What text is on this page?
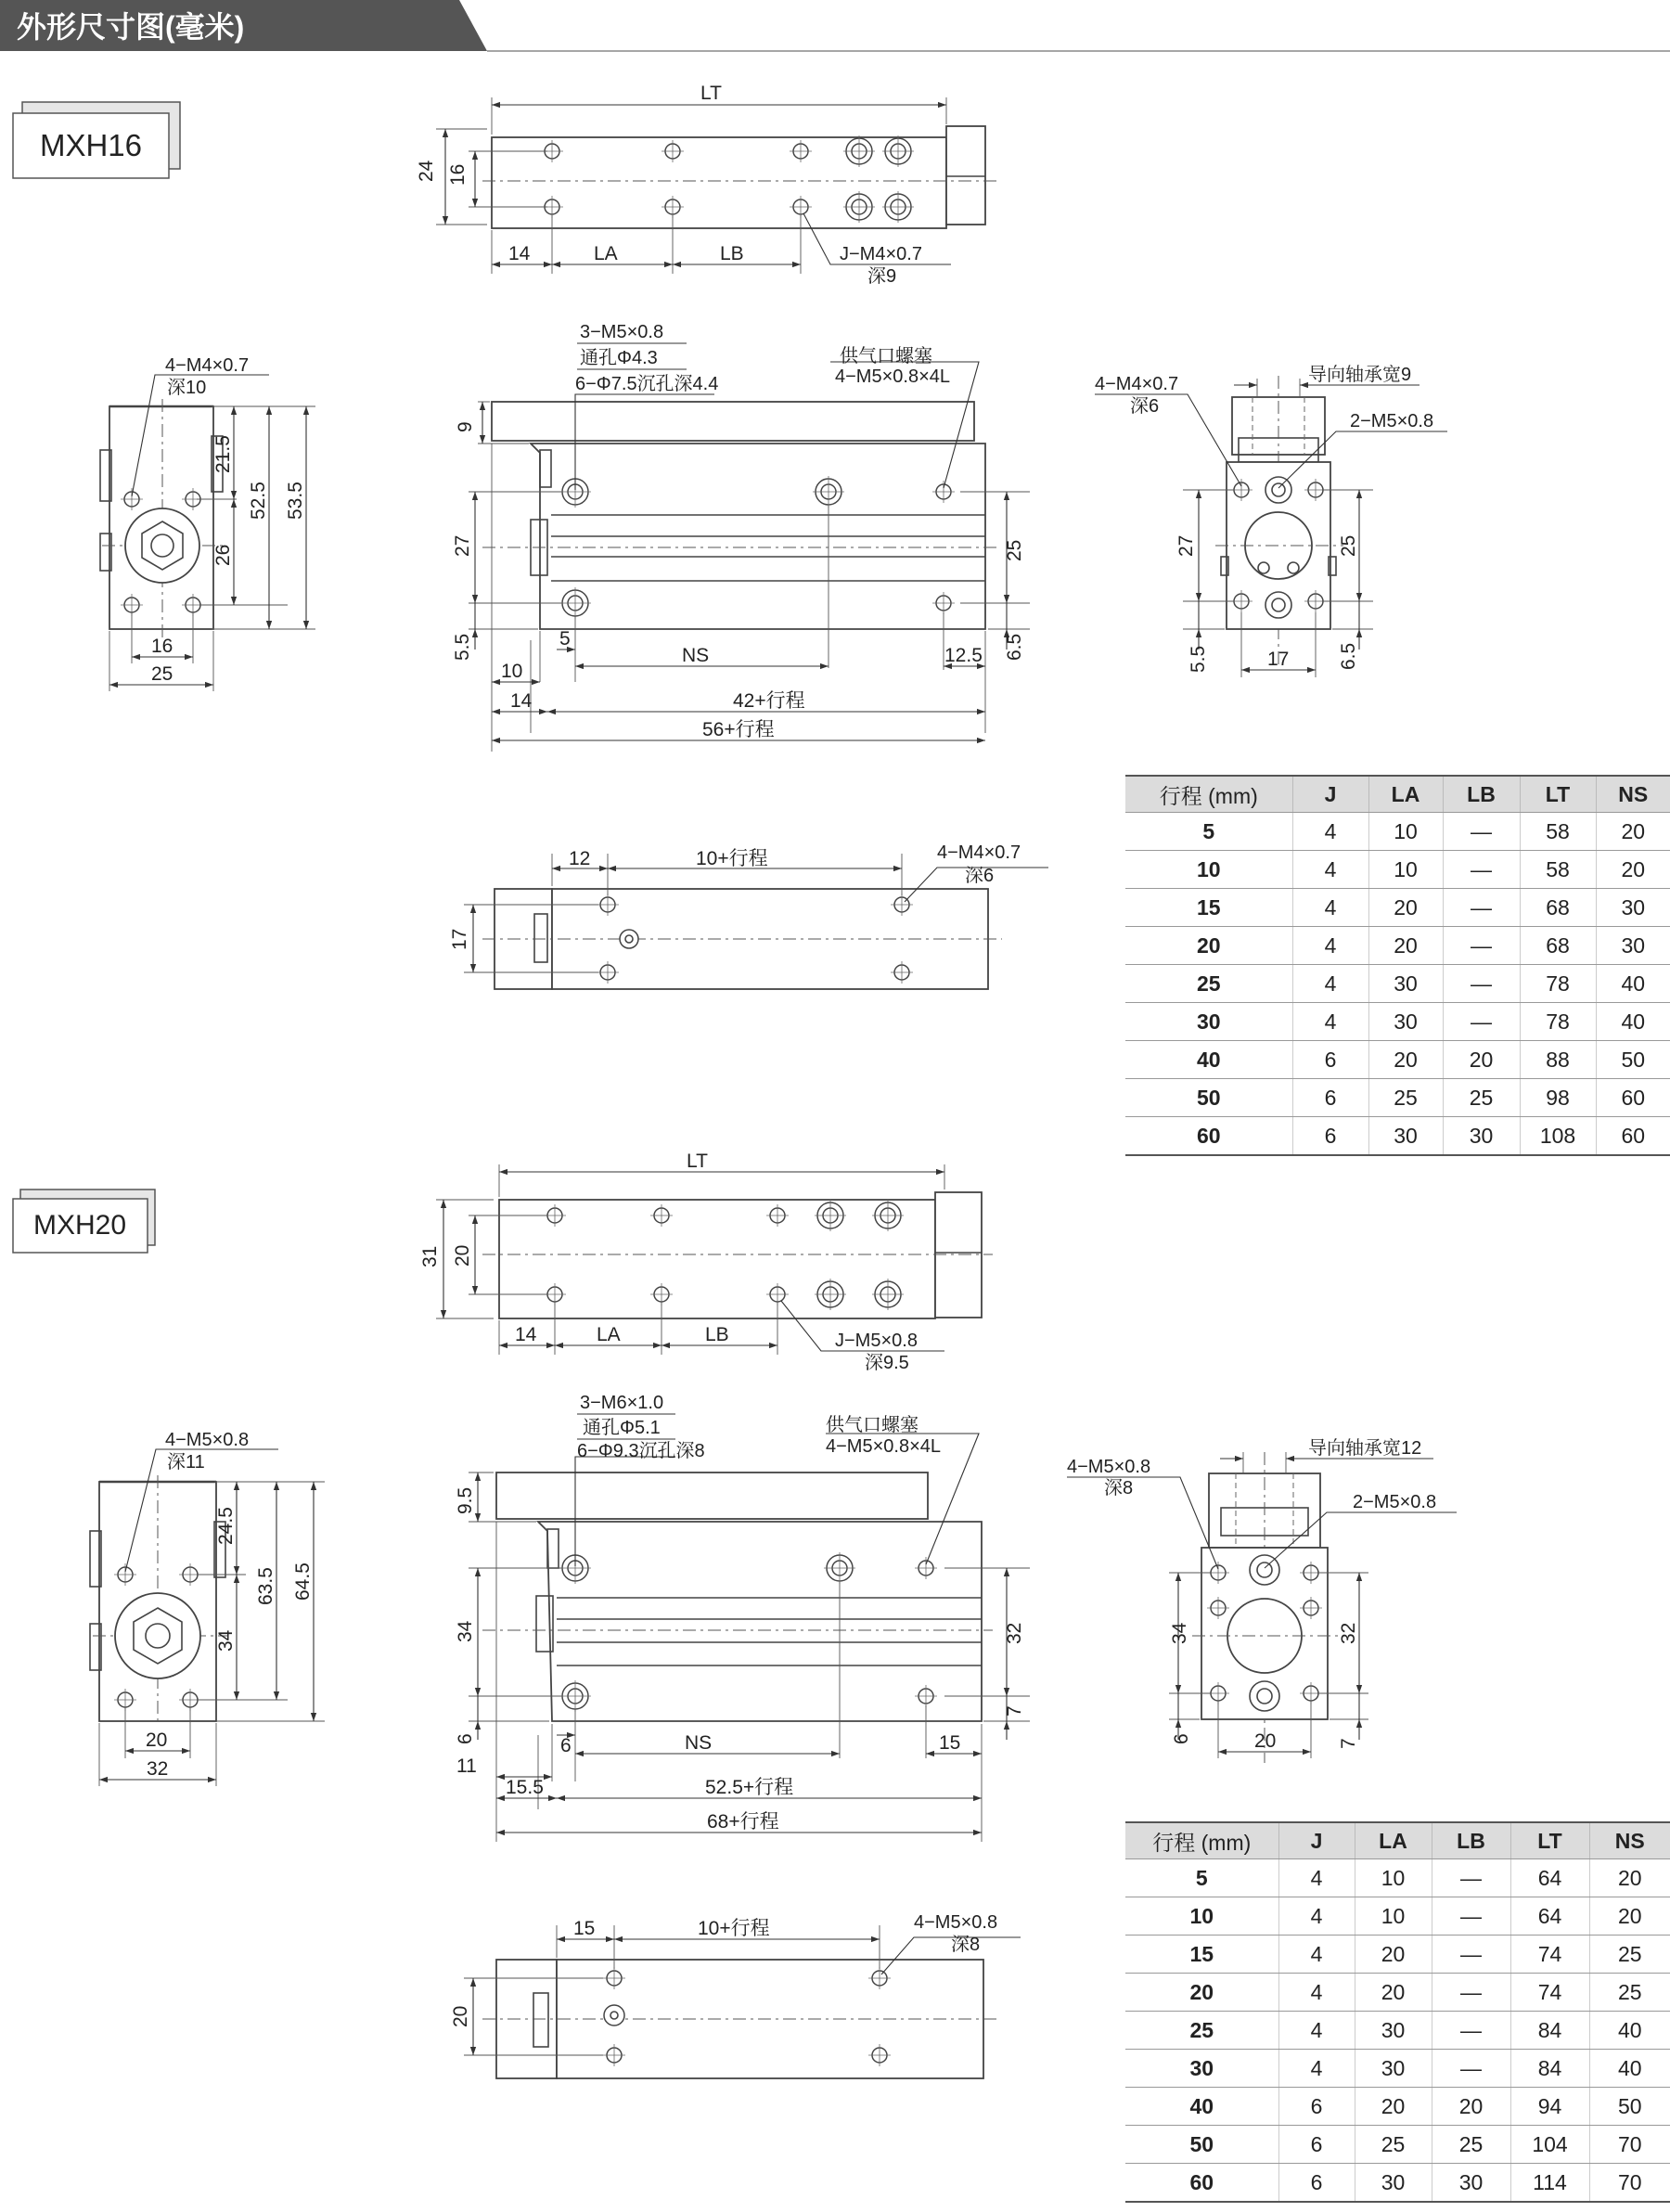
外形尺寸图(毫米)
MXH16
LT
24 16
14	LA	LB	J−M4×0.7
深9
4−M4×0.7
深10
21.5
26
52.5 53.5
16
25
3−M5×0.8
通孔Φ4.3
6−Φ7.5沉孔深4.4
供气口螺塞
4−M5×0.8×4L
9
27
5.5
25
6.5
5
NS	12.5
10
14	42+行程
56+行程
导向轴承宽9
4−M4×0.7
深6
2−M5×0.8
27
5.5
25
6.5
17
12	10+行程	4−M4×0.7
深6
17
MXH20
LT
31 20
14	LA	LB	J−M5×0.8
深9.5
4−M5×0.8
深11
24.5
34
63.5 64.5
20
32
3−M6×1.0
通孔Φ5.1
6−Φ9.3沉孔深8
供气口螺塞
4−M5×0.8×4L
9.5
34
6
32
7
6	NS	15
11
15.5	52.5+行程
68+行程
导向轴承宽12
4−M5×0.8
深8
2−M5×0.8
34
6
32
7
20
15	10+行程	4−M5×0.8
深8
20
行程 (mm)	J	LA	LB	LT	NS
5	4	10	—	58	20
10	4	10	—	58	20
15	4	20	—	68	30
20	4	20	—	68	30
25	4	30	—	78	40
30	4	30	—	78	40
40	6	20	20	88	50
50	6	25	25	98	60
60	6	30	30	108	60
行程 (mm)	J	LA	LB	LT	NS
5	4	10	—	64	20
10	4	10	—	64	20
15	4	20	—	74	25
20	4	20	—	74	25
25	4	30	—	84	40
30	4	30	—	84	40
40	6	20	20	94	50
50	6	25	25	104	70
60	6	30	30	114	70
